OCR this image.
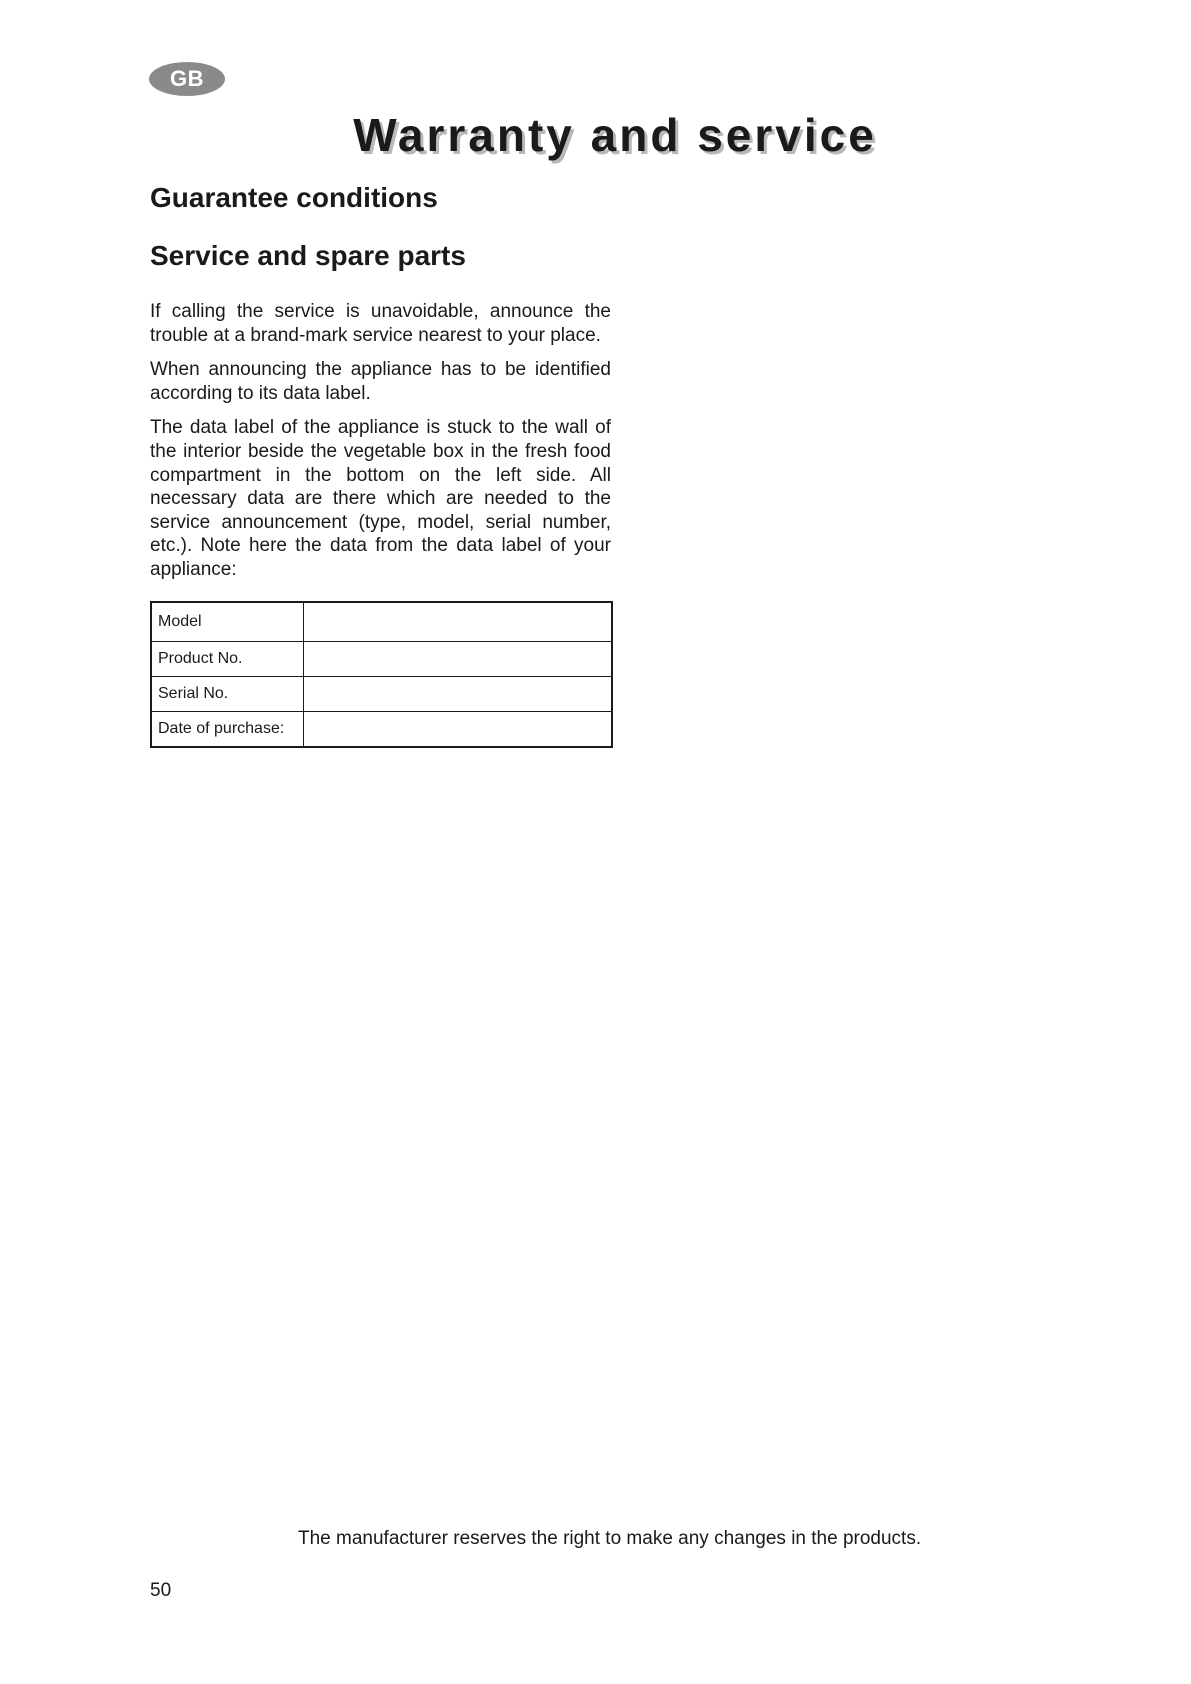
GB
Warranty and service
Guarantee conditions
Service and spare parts

If calling the service is unavoidable, announce the trouble at a brand-mark service nearest to your place.

When announcing the appliance has to be identified according to its data label.

The data label of the appliance is stuck to the wall of the interior beside the vegetable box in the fresh food compartment in the bottom on the left side. All necessary data are there which are needed to the service announcement (type, model, serial number, etc.). Note here the data from the data label of your appliance:

Model	
Product No.	
Serial No.	
Date of purchase:	
The manufacturer reserves the right to make any changes in the products.
50
